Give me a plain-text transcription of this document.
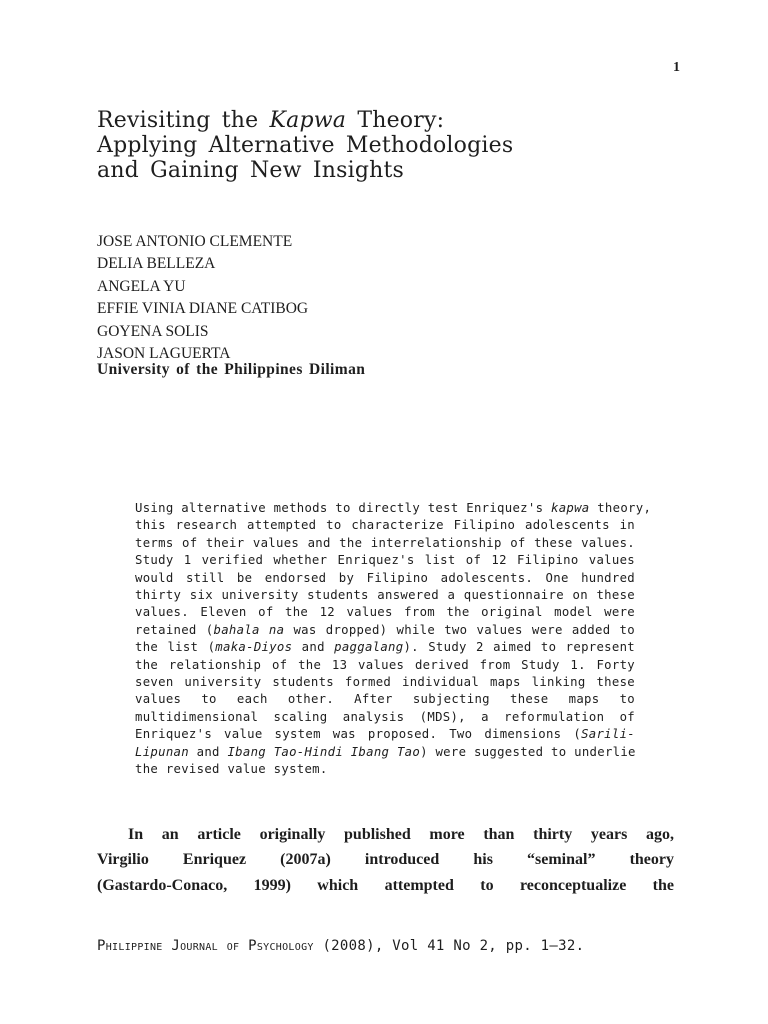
1
Revisiting the Kapwa Theory:
Applying Alternative Methodologies
and Gaining New Insights
JOSE ANTONIO CLEMENTE
DELIA BELLEZA
ANGELA YU
EFFIE VINIA DIANE CATIBOG
GOYENA SOLIS
JASON LAGUERTA
University of the Philippines Diliman
Using alternative methods to directly test Enriquez's kapwa theory,
this research attempted to characterize Filipino adolescents in
terms of their values and the interrelationship of these values.
Study 1 verified whether Enriquez's list of 12 Filipino values
would still be endorsed by Filipino adolescents. One hundred
thirty six university students answered a questionnaire on these
values. Eleven of the 12 values from the original model were
retained (bahala na was dropped) while two values were added to
the list (maka-Diyos and paggalang). Study 2 aimed to represent
the relationship of the 13 values derived from Study 1. Forty
seven university students formed individual maps linking these
values to each other. After subjecting these maps to
multidimensional scaling analysis (MDS), a reformulation of
Enriquez's value system was proposed. Two dimensions (Sarili-
Lipunan and Ibang Tao-Hindi Ibang Tao) were suggested to underlie
the revised value system.
In an article originally published more than thirty years ago,
Virgilio Enriquez (2007a) introduced his “seminal” theory
(Gastardo-Conaco, 1999) which attempted to reconceptualize the
Philippine Journal of Psychology (2008), Vol 41 No 2, pp. 1–32.
